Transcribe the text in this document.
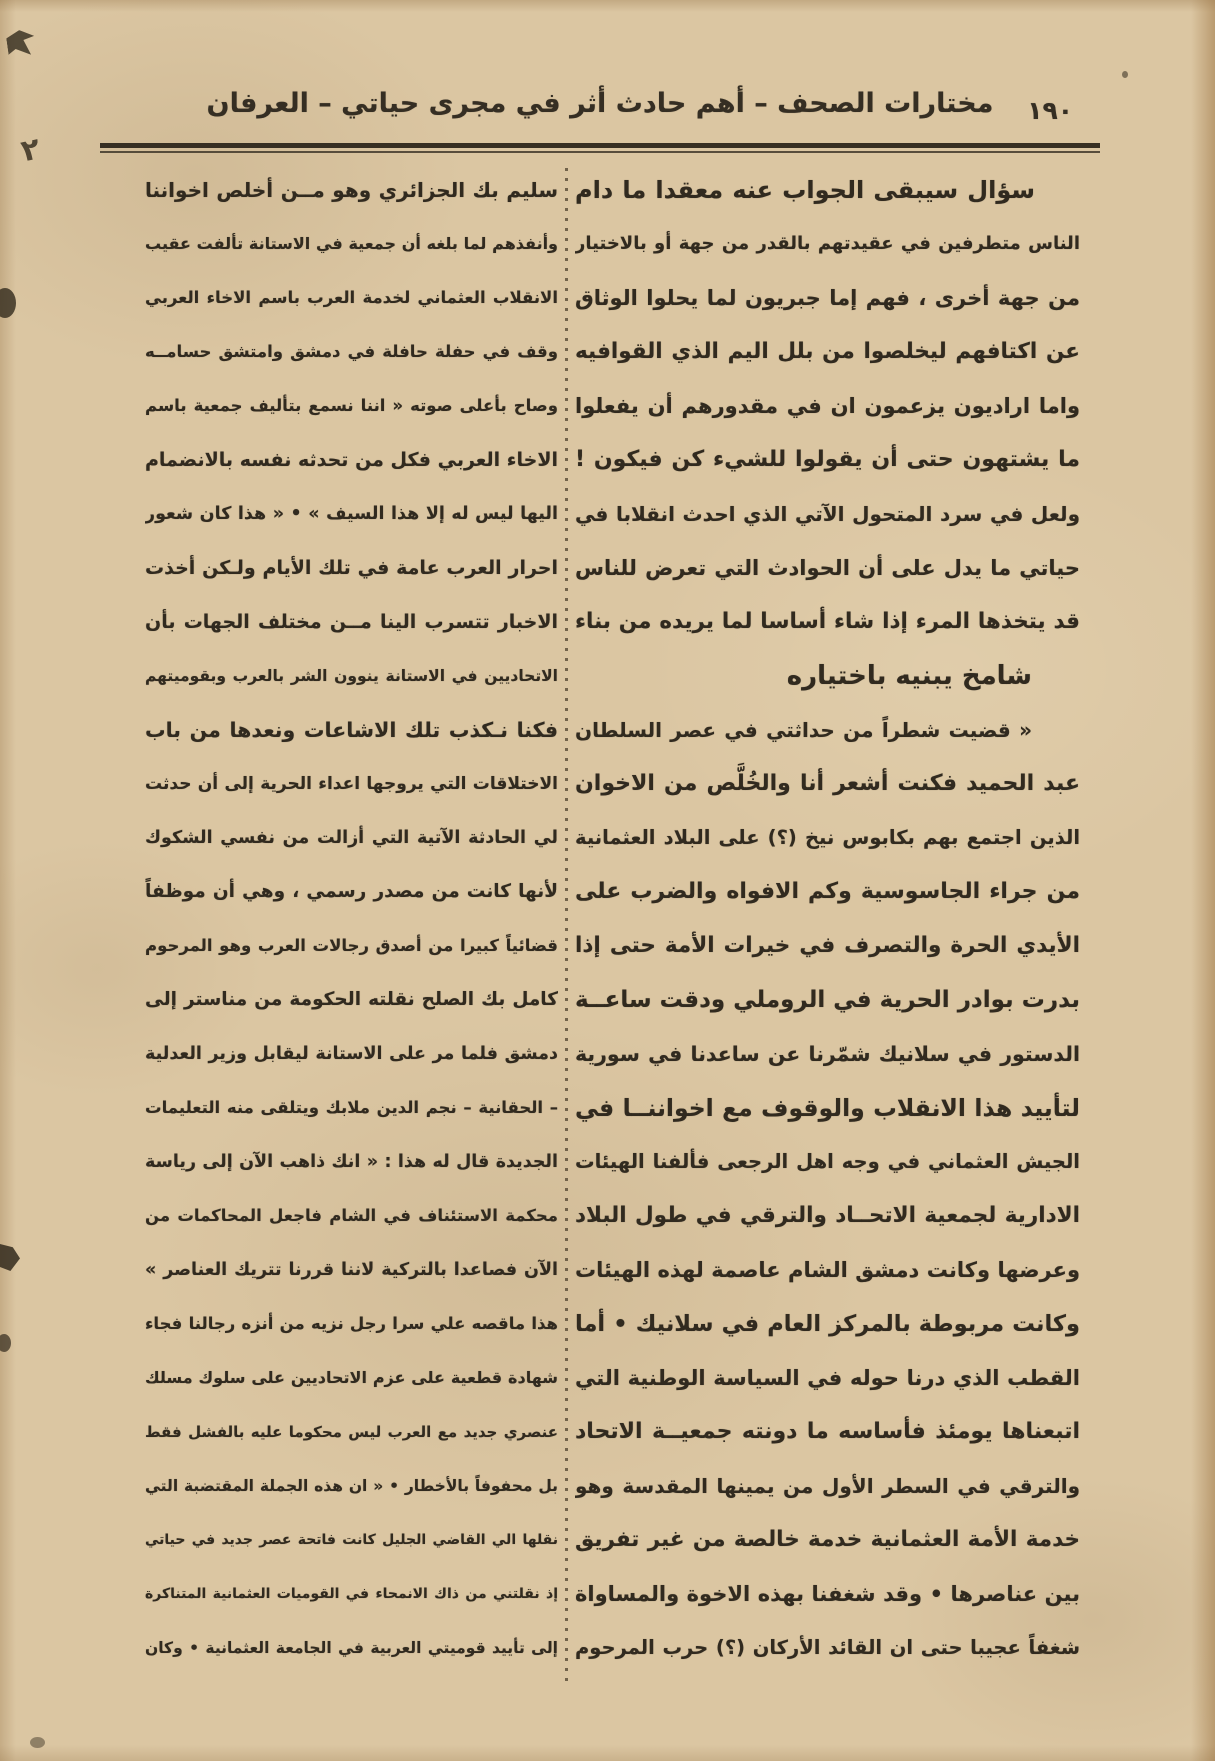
مختارات الصحف – أهم حادث أثر في مجرى حياتي – العرفان	١٩٠
سؤال سيبقى الجواب عنه معقدا ما دام
الناس متطرفين في عقيدتهم بالقدر من جهة أو بالاختيار
من جهة أخرى ، فهم إما جبريون لما يحلوا الوثاق
عن اكتافهم ليخلصوا من بلل اليم الذي القوافيه
واما اراديون يزعمون ان في مقدورهم أن يفعلوا
ما يشتهون حتى أن يقولوا للشيء كن فيكون !
ولعل في سرد المتحول الآتي الذي احدث انقلابا في
حياتي ما يدل على أن الحوادث التي تعرض للناس
قد يتخذها المرء إذا شاء أساسا لما يريده من بناء
شامخ يبنيه باختياره
« قضيت شطراً من حداثتي في عصر السلطان
عبد الحميد فكنت أشعر أنا والخُلَّص من الاخوان
الذين اجتمع بهم بكابوس نيخ (؟) على البلاد العثمانية
من جراء الجاسوسية وكم الافواه والضرب على
الأيدي الحرة والتصرف في خيرات الأمة حتى إذا
بدرت بوادر الحرية في الروملي ودقت ساعــة
الدستور في سلانيك شمّرنا عن ساعدنا في سورية
لتأييد هذا الانقلاب والوقوف مع اخواننــا في
الجيش العثماني في وجه اهل الرجعى فألفنا الهيئات
الادارية لجمعية الاتحــاد والترقي في طول البلاد
وعرضها وكانت دمشق الشام عاصمة لهذه الهيئات
وكانت مربوطة بالمركز العام في سلانيك • أما
القطب الذي درنا حوله في السياسة الوطنية التي
اتبعناها يومئذ فأساسه ما دونته جمعيــة الاتحاد
والترقي في السطر الأول من يمينها المقدسة وهو
خدمة الأمة العثمانية خدمة خالصة من غير تفريق
بين عناصرها • وقد شغفنا بهذه الاخوة والمساواة
شغفاً عجيبا حتى ان القائد الأركان (؟) حرب المرحوم
سليم بك الجزائري وهو مــن أخلص اخواننا
وأنفذهم لما بلغه أن جمعية في الاستانة تألفت عقيب
الانقلاب العثماني لخدمة العرب باسم الاخاء العربي
وقف في حفلة حافلة في دمشق وامتشق حسامــه
وصاح بأعلى صوته « اننا نسمع بتأليف جمعية باسم
الاخاء العربي فكل من تحدثه نفسه بالانضمام
اليها ليس له إلا هذا السيف » • « هذا كان شعور
احرار العرب عامة في تلك الأيام ولـكن أخذت
الاخبار تتسرب الينا مــن مختلف الجهات بأن
الاتحاديين في الاستانة ينوون الشر بالعرب وبقوميتهم
فكنا نـكذب تلك الاشاعات ونعدها من باب
الاختلاقات التي يروجها اعداء الحرية إلى أن حدثت
لي الحادثة الآتية التي أزالت من نفسي الشكوك
لأنها كانت من مصدر رسمي ، وهي أن موظفاً
قضائياً كبيرا من أصدق رجالات العرب وهو المرحوم
كامل بك الصلح نقلته الحكومة من مناستر إلى
دمشق فلما مر على الاستانة ليقابل وزير العدلية
– الحقانية – نجم الدين ملابك ويتلقى منه التعليمات
الجديدة قال له هذا : « انك ذاهب الآن إلى رياسة
محكمة الاستئناف في الشام فاجعل المحاكمات من
الآن فصاعدا بالتركية لاننا قررنا تتريك العناصر »
هذا ماقصه علي سرا رجل نزيه من أنزه رجالنا فجاء
شهادة قطعية على عزم الاتحاديين على سلوك مسلك
عنصري جديد مع العرب ليس محكوما عليه بالفشل فقط
بل محفوفاً بالأخطار • « ان هذه الجملة المقتضبة التي
نقلها الي القاضي الجليل كانت فاتحة عصر جديد في حياتي
إذ نقلتني من ذاك الانمحاء في القوميات العثمانية المتناكرة
إلى تأييد قوميتي العربية في الجامعة العثمانية • وكان
٢
